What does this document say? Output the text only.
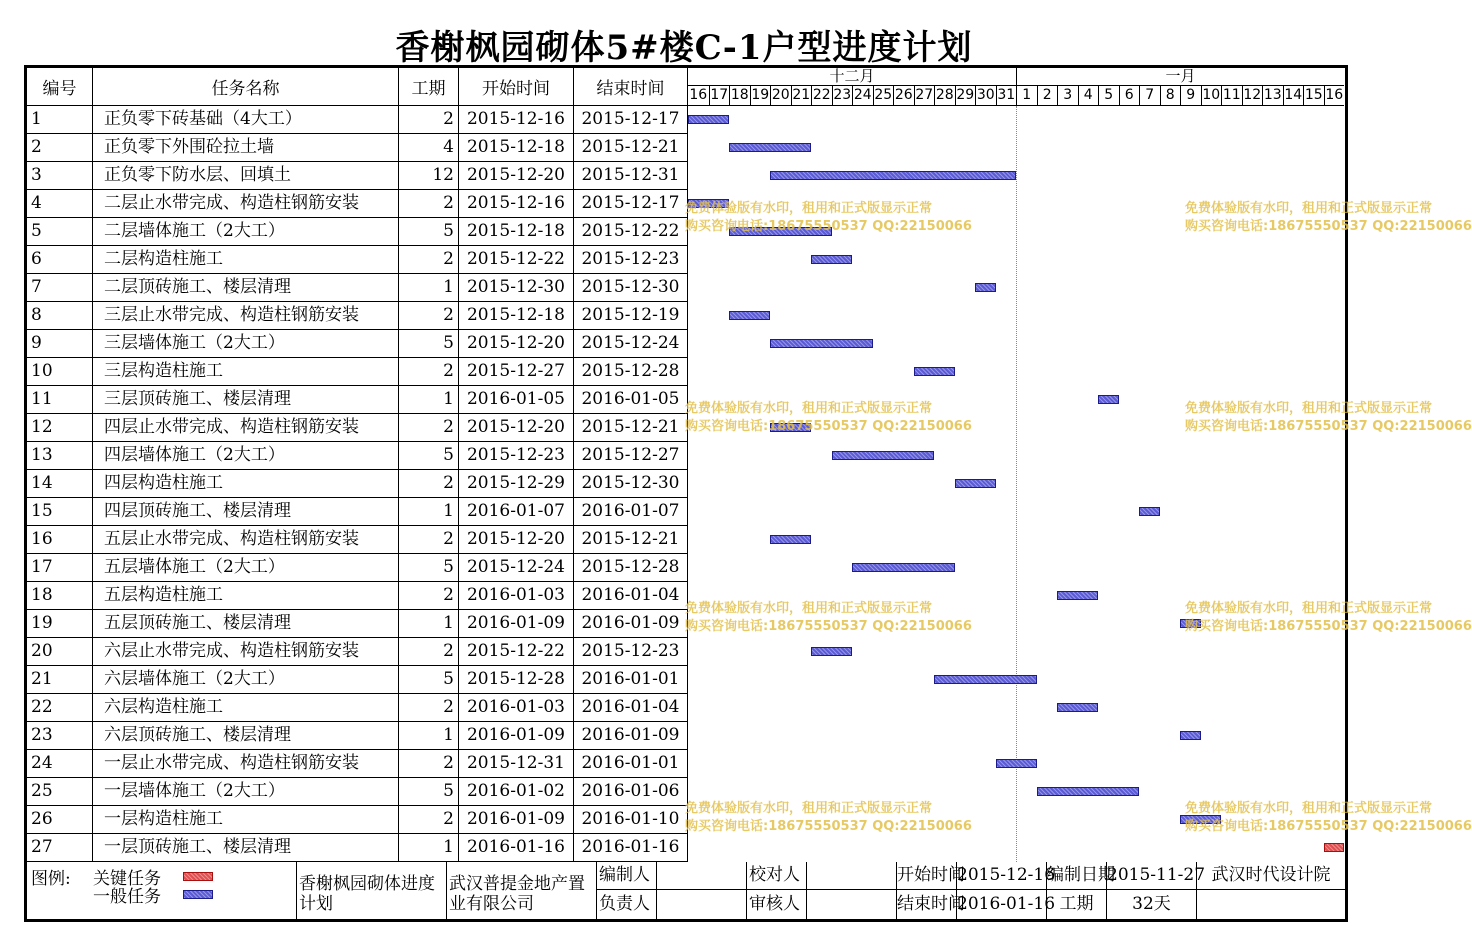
香榭枫园砌体5#楼C-1户型进度计划
编号	任务名称	工期	开始时间	结束时间
1	正负零下砖基础（4大工）	2 2015-12-16 2015-12-17
2	正负零下外围砼拉土墙	4 2015-12-18 2015-12-21
3	正负零下防水层、回填土	12 2015-12-20 2015-12-31
4	二层止水带完成、构造柱钢筋安装	2 2015-12-16 2015-12-17
5	二层墙体施工（2大工）	5 2015-12-18 2015-12-22
6	二层构造柱施工	2 2015-12-22 2015-12-23
7	二层顶砖施工、楼层清理	1 2015-12-30 2015-12-30
8	三层止水带完成、构造柱钢筋安装	2 2015-12-18 2015-12-19
9	三层墙体施工（2大工）	5 2015-12-20 2015-12-24
10	三层构造柱施工	2 2015-12-27 2015-12-28
11	三层顶砖施工、楼层清理	1 2016-01-05 2016-01-05
12	四层止水带完成、构造柱钢筋安装	2 2015-12-20 2015-12-21
13	四层墙体施工（2大工）	5 2015-12-23 2015-12-27
14	四层构造柱施工	2 2015-12-29 2015-12-30
15	四层顶砖施工、楼层清理	1 2016-01-07 2016-01-07
16	五层止水带完成、构造柱钢筋安装	2 2015-12-20 2015-12-21
17	五层墙体施工（2大工）	5 2015-12-24 2015-12-28
18	五层构造柱施工	2 2016-01-03 2016-01-04
19	五层顶砖施工、楼层清理	1 2016-01-09 2016-01-09
20	六层止水带完成、构造柱钢筋安装	2 2015-12-22 2015-12-23
21	六层墙体施工（2大工）	5 2015-12-28 2016-01-01
22	六层构造柱施工	2 2016-01-03 2016-01-04
23	六层顶砖施工、楼层清理	1 2016-01-09 2016-01-09
24	一层止水带完成、构造柱钢筋安装	2 2015-12-31 2016-01-01
25	一层墙体施工（2大工）	5 2016-01-02 2016-01-06
26	一层构造柱施工	2 2016-01-09 2016-01-10
27	一层顶砖施工、楼层清理	1 2016-01-16 2016-01-16
十二月	一月
16 17 18 19 20 21 22 23 24 25 26 27 28 29 30 31 1 2 3 4 5 6 7 8 9 10 11 12 13 14 15 16
图例: 关键任务
一般任务
香榭枫园砌体进度计划
武汉普提金地产置业有限公司
编制人
负责人
校对人
审核人
开始时间
2015-12-16
结束时间
2016-01-16
编制日期
2015-11-27
工期	32天
武汉时代设计院
免费体验版有水印，租用和正式版显示正常
购买咨询电话:18675550537 QQ:22150066
免费体验版有水印，租用和正式版显示正常
购买咨询电话:18675550537 QQ:22150066
免费体验版有水印，租用和正式版显示正常
购买咨询电话:18675550537 QQ:22150066
免费体验版有水印，租用和正式版显示正常
购买咨询电话:18675550537 QQ:22150066
免费体验版有水印，租用和正式版显示正常
购买咨询电话:18675550537 QQ:22150066
免费体验版有水印，租用和正式版显示正常
购买咨询电话:18675550537 QQ:22150066
免费体验版有水印，租用和正式版显示正常
购买咨询电话:18675550537 QQ:22150066
免费体验版有水印，租用和正式版显示正常
购买咨询电话:18675550537 QQ:22150066
